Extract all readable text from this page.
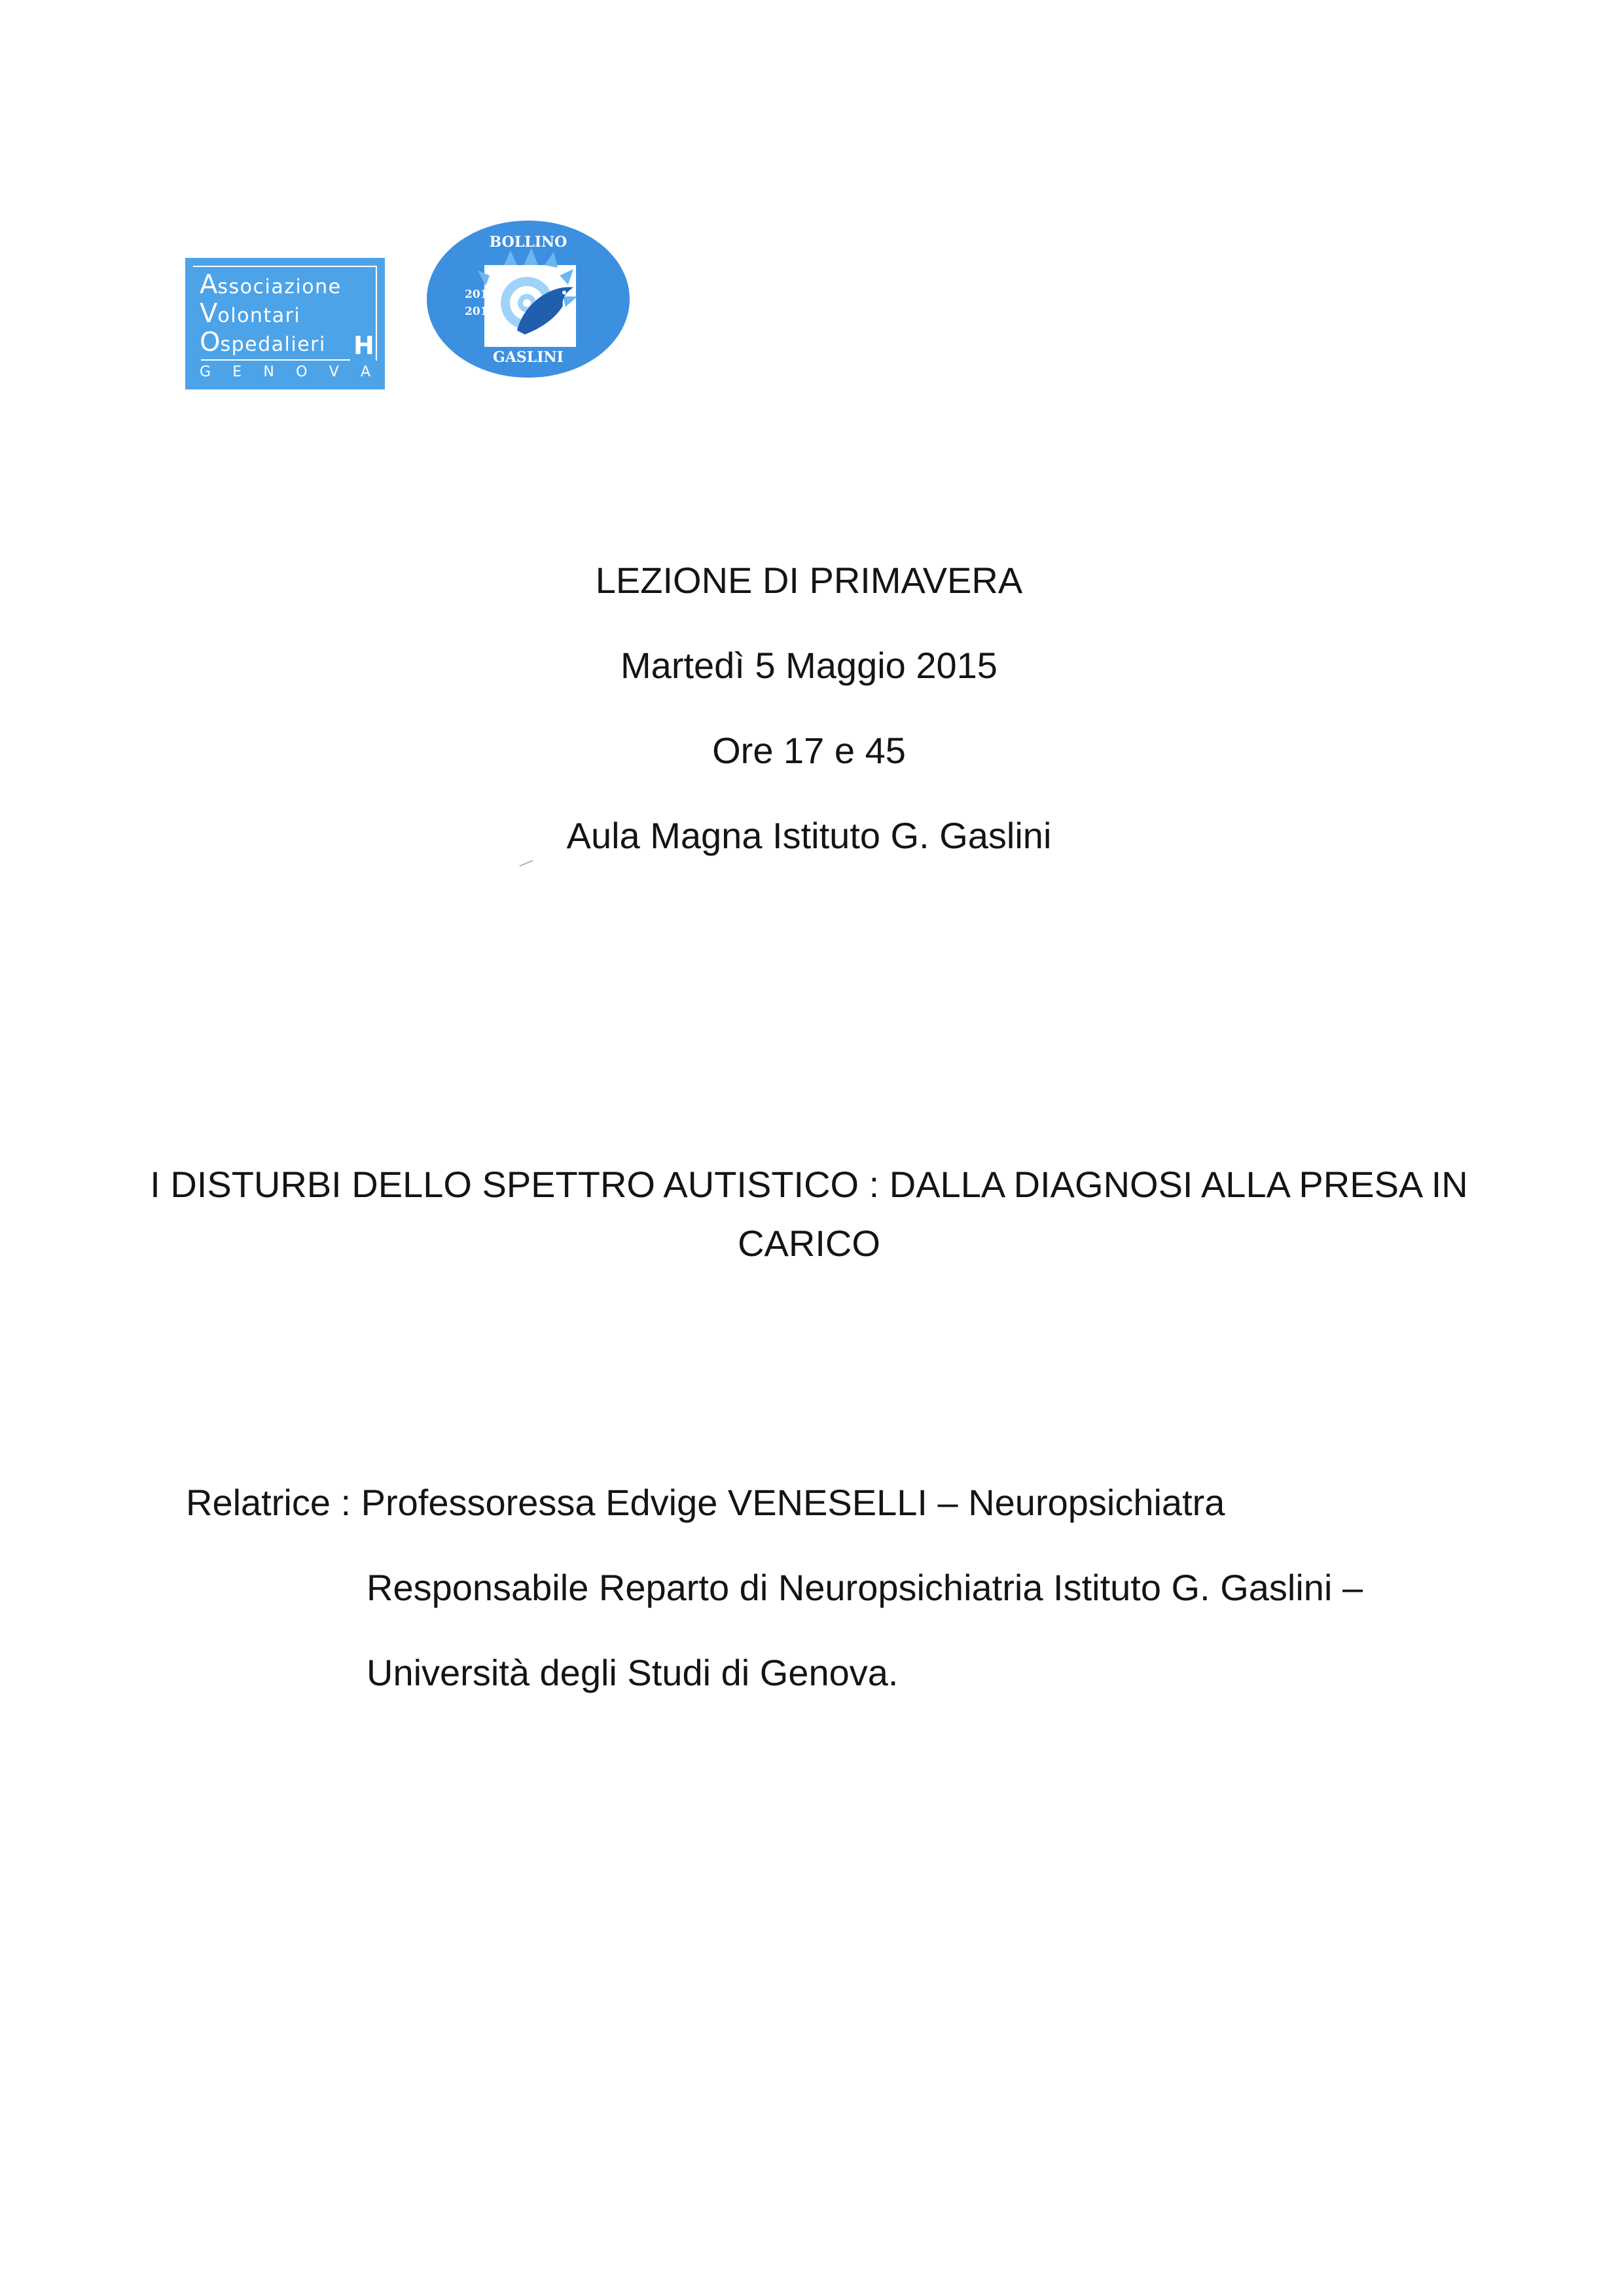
Associazione
Volontari
Ospedalieri H
G E N O V A
BOLLINO
2013
2015
GASLINI
LEZIONE DI PRIMAVERA
Martedì 5 Maggio 2015
Ore 17 e 45
Aula Magna Istituto G. Gaslini
I DISTURBI DELLO SPETTRO AUTISTICO : DALLA DIAGNOSI ALLA PRESA IN
CARICO
Relatrice : Professoressa Edvige VENESELLI – Neuropsichiatra
Responsabile Reparto di Neuropsichiatria Istituto G. Gaslini –
Università degli Studi di Genova.
